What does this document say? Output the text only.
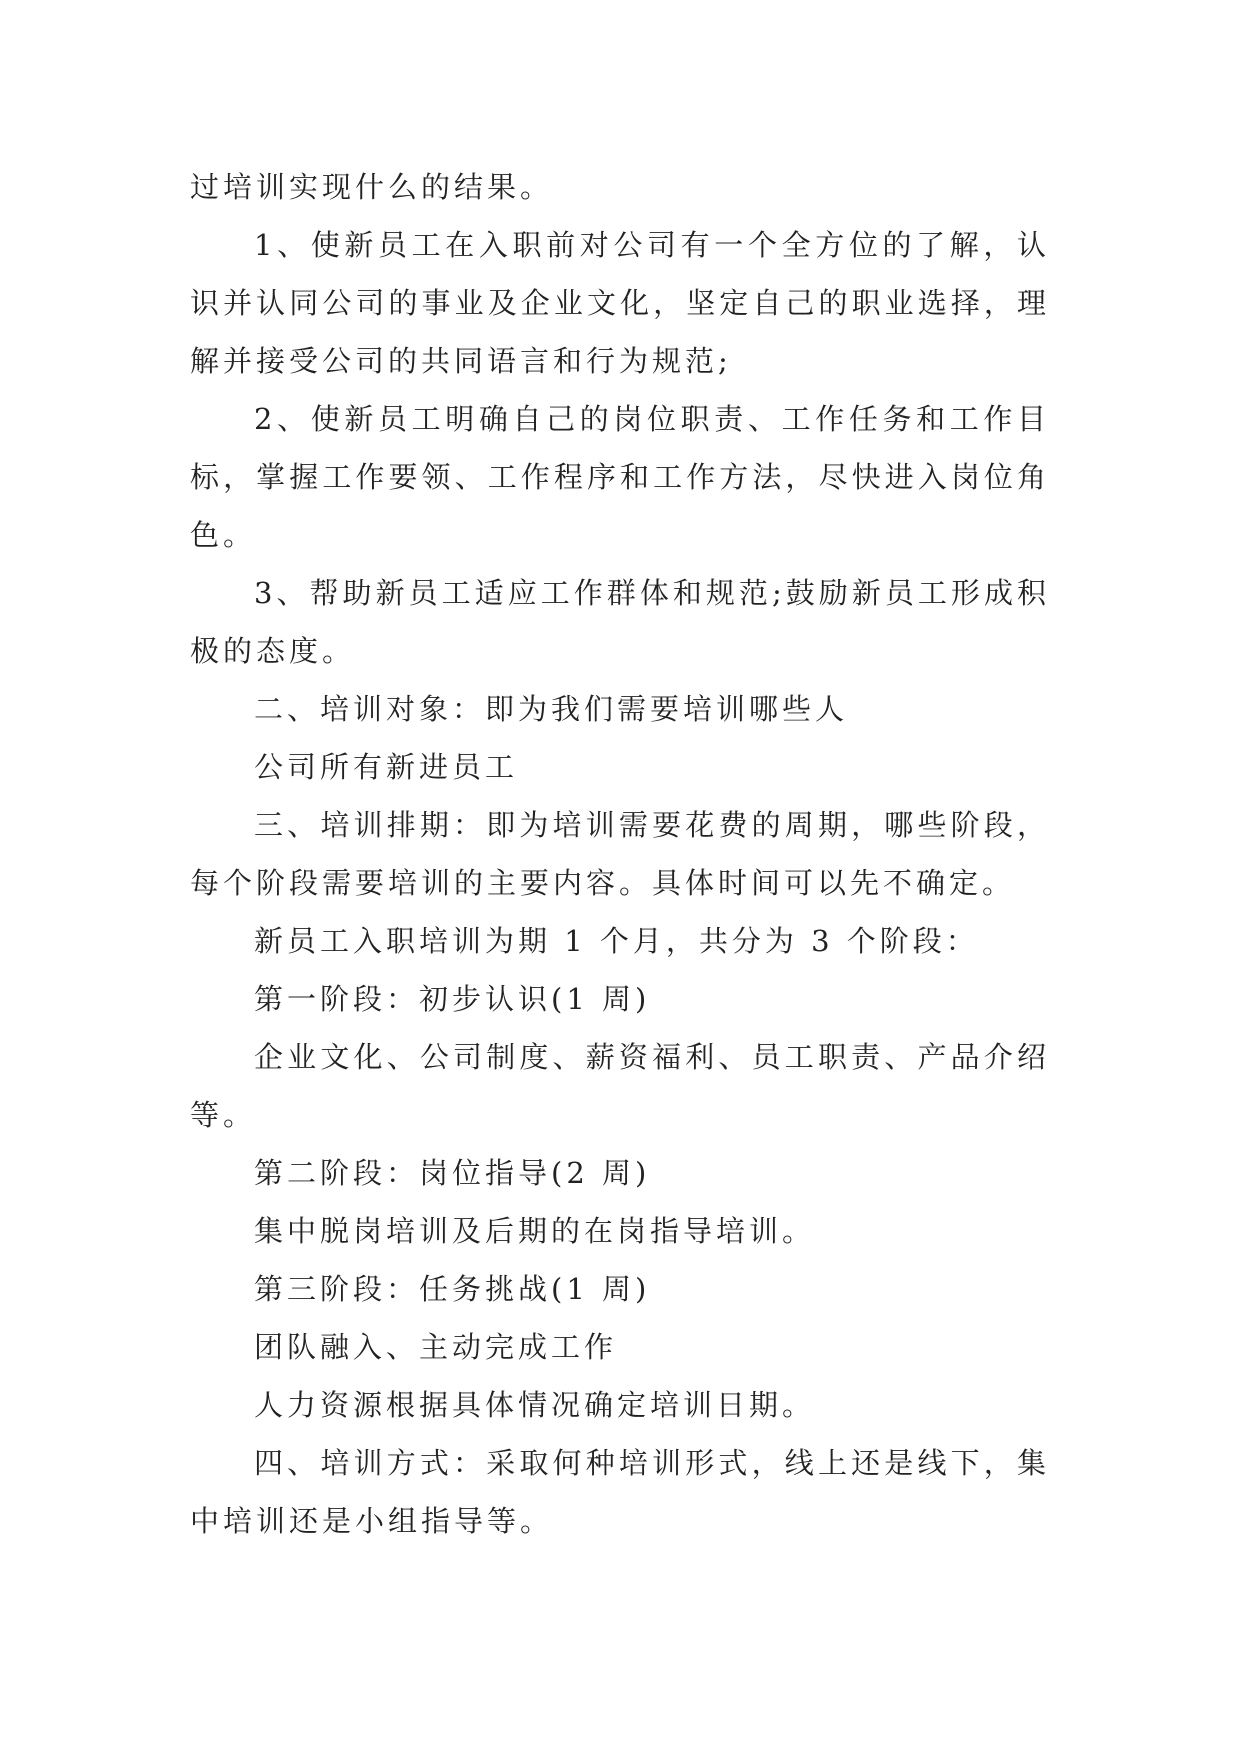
过培训实现什么的结果。

1、使新员工在入职前对公司有一个全方位的了解，认识并认同公司的事业及企业文化，坚定自己的职业选择，理解并接受公司的共同语言和行为规范;

2、使新员工明确自己的岗位职责、工作任务和工作目标，掌握工作要领、工作程序和工作方法，尽快进入岗位角色。

3、帮助新员工适应工作群体和规范;鼓励新员工形成积极的态度。

二、培训对象：即为我们需要培训哪些人

公司所有新进员工

三、培训排期：即为培训需要花费的周期，哪些阶段，每个阶段需要培训的主要内容。具体时间可以先不确定。

新员工入职培训为期 1 个月，共分为 3 个阶段：

第一阶段：初步认识(1 周)

企业文化、公司制度、薪资福利、员工职责、产品介绍等。

第二阶段：岗位指导(2 周)

集中脱岗培训及后期的在岗指导培训。

第三阶段：任务挑战(1 周)

团队融入、主动完成工作

人力资源根据具体情况确定培训日期。

四、培训方式：采取何种培训形式，线上还是线下，集中培训还是小组指导等。
